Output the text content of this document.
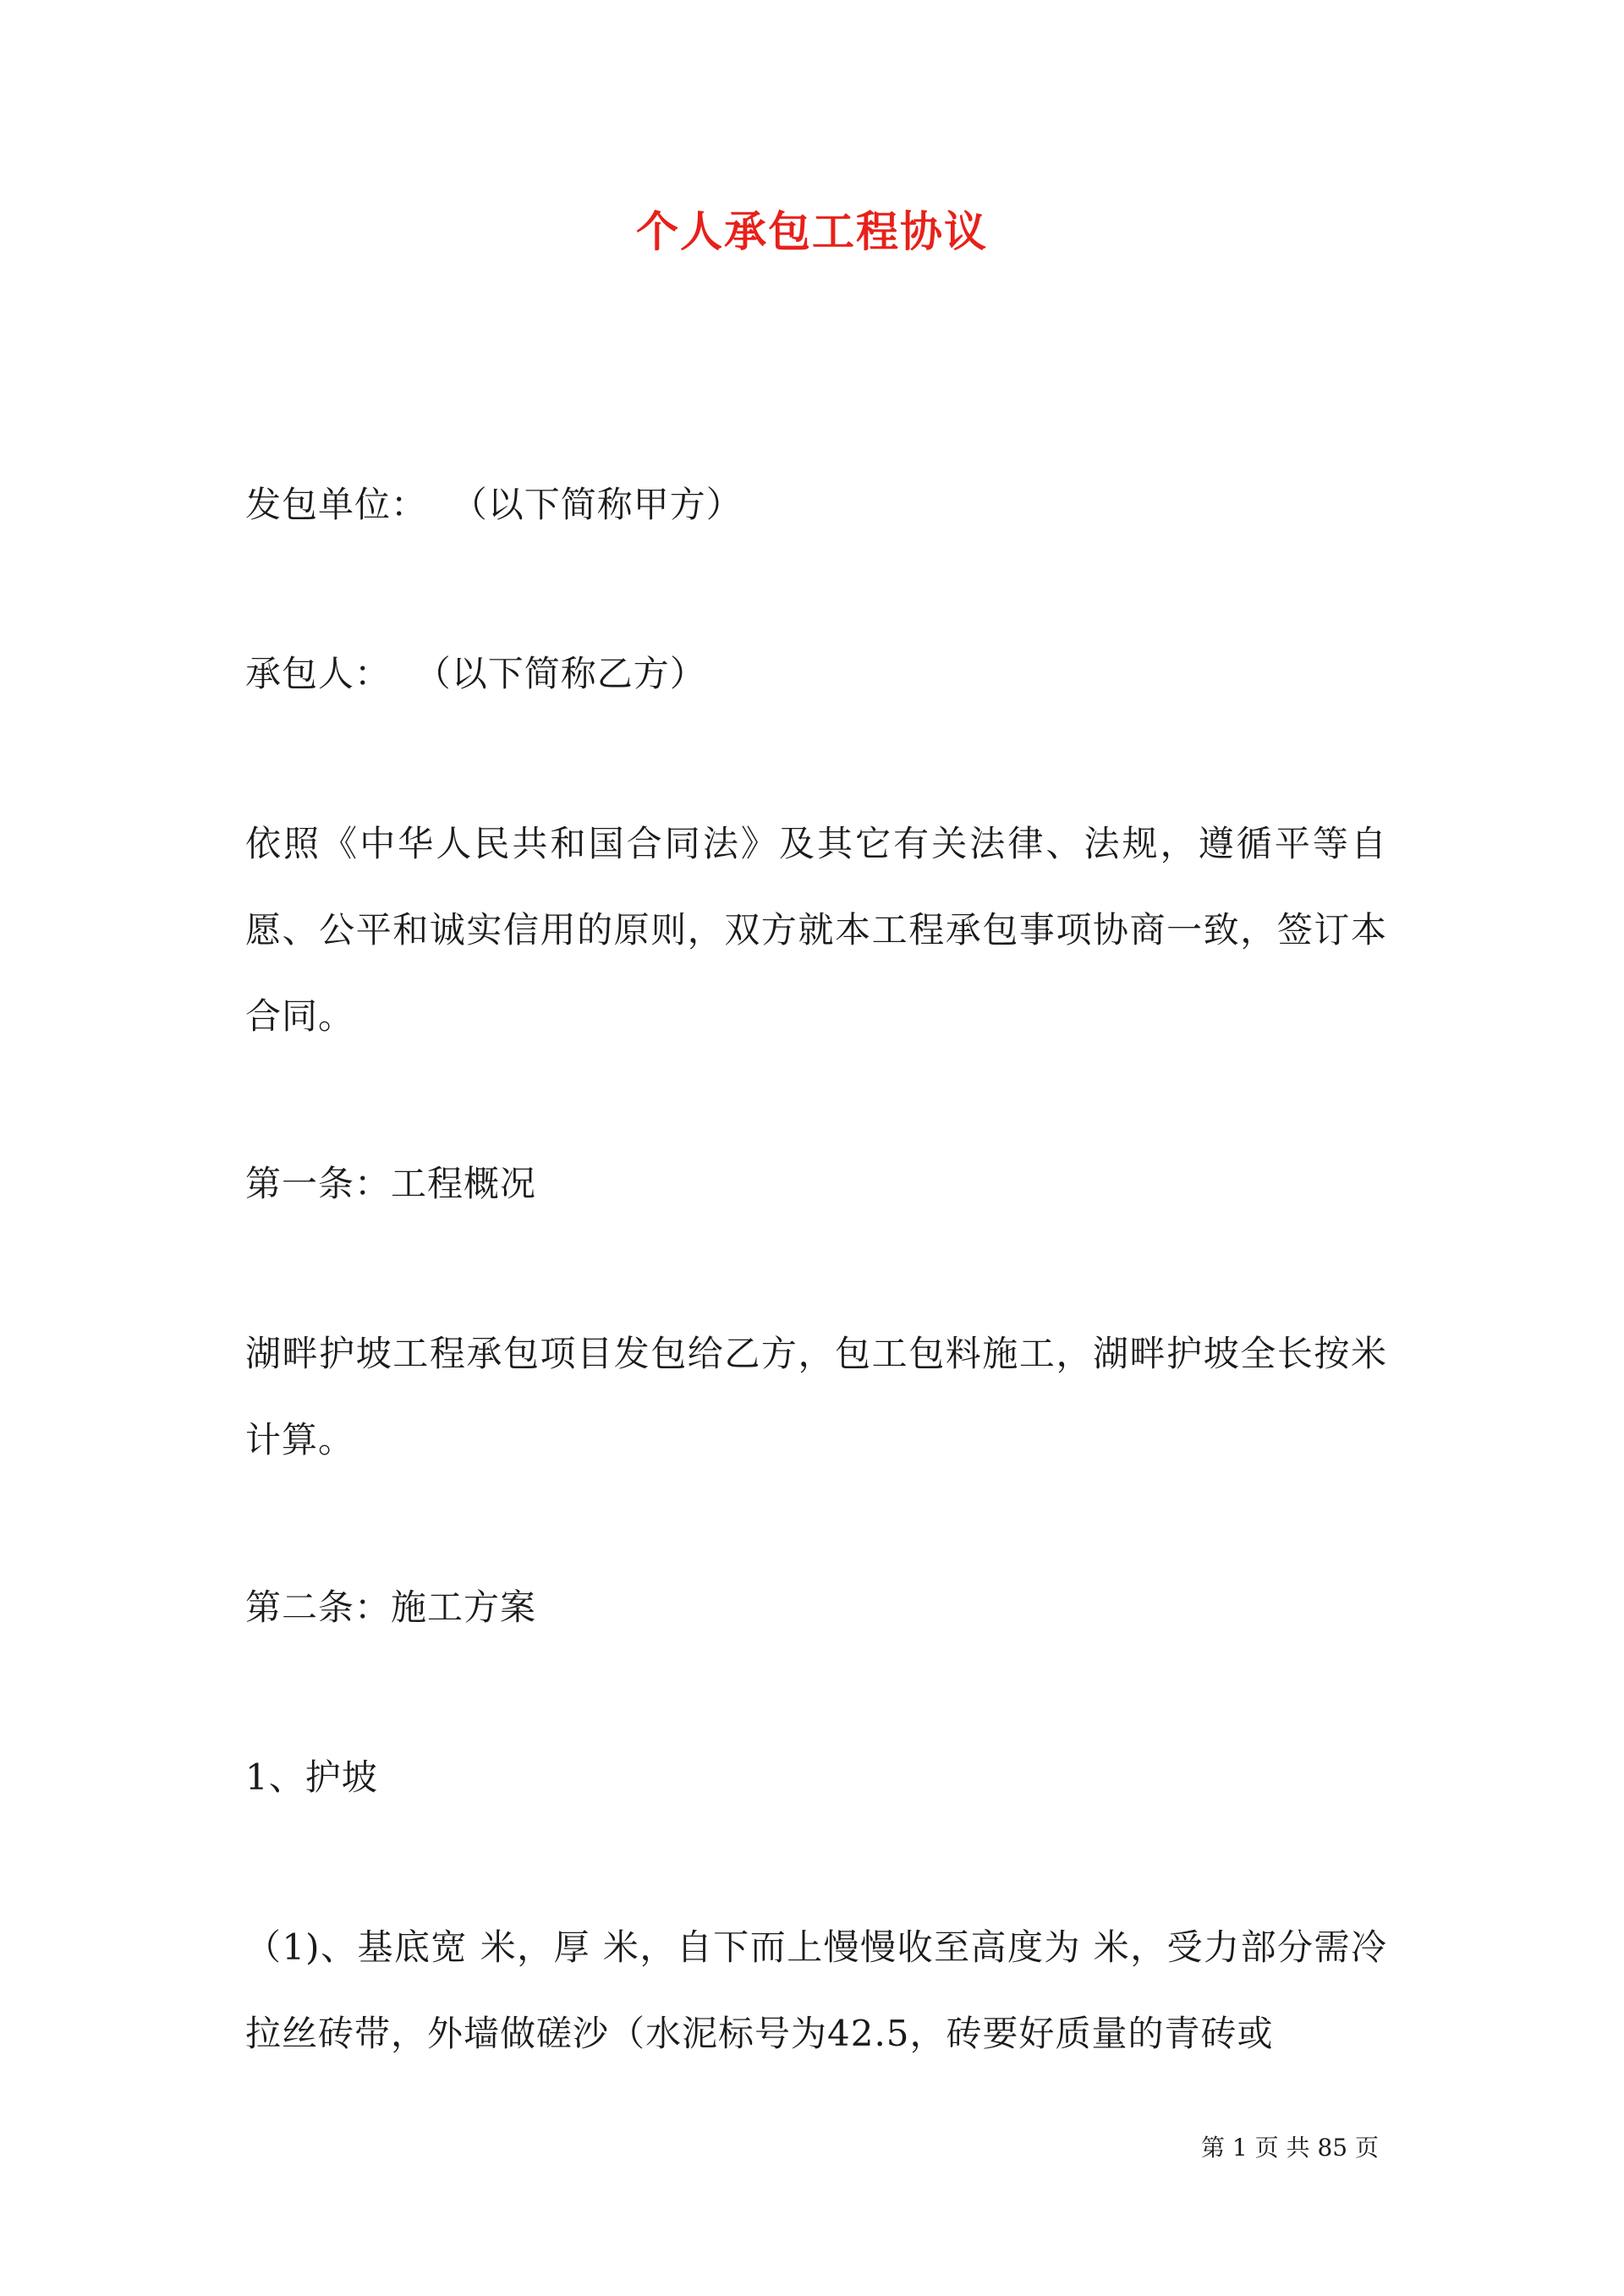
个人承包工程协议
发包单位：  （以下简称甲方）
承包人：  （以下简称乙方）
依照《中华人民共和国合同法》及其它有关法律、法规，遵循平等自愿、公平和诚实信用的原则，双方就本工程承包事项协商一致，签订本合同。
第一条：工程概况
湖畔护坡工程承包项目发包给乙方，包工包料施工，湖畔护坡全长按米计算。
第二条：施工方案
1、护坡
（1)、基底宽 米，厚 米，自下而上慢慢收至高度为 米，受力部分需冷拉丝砖带，外墙做磋沙（水泥标号为42.5，砖要好质量的青砖或
第 1 页 共 85 页
